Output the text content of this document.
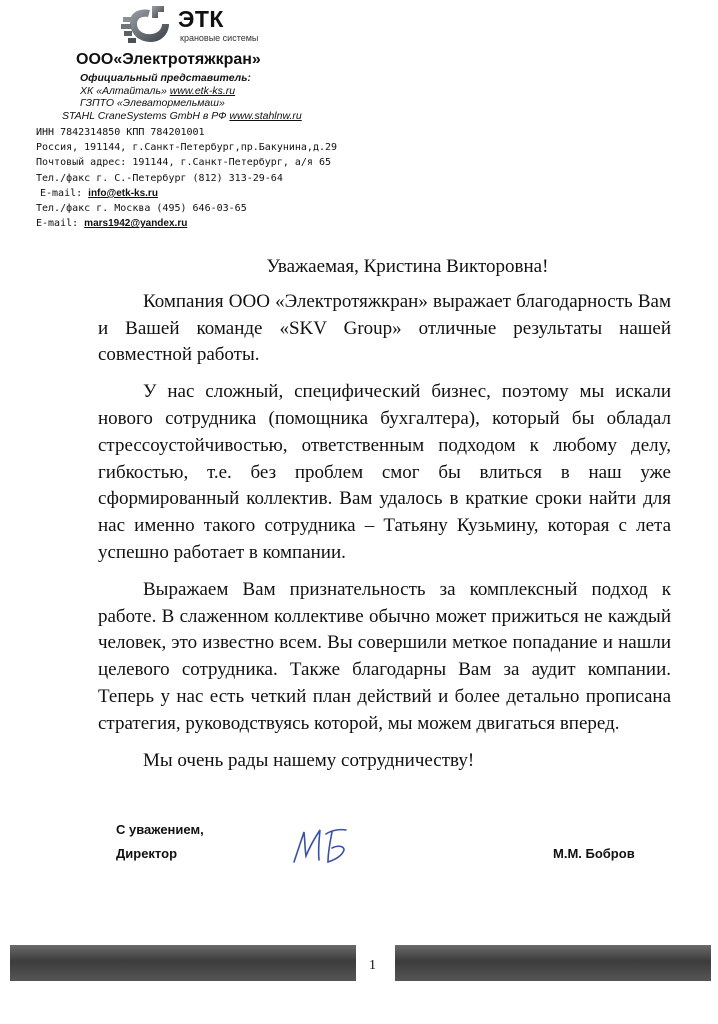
ЭТК
крановые системы
ООО«Электротяжкран»
Официальный представитель:
ХК «Алтайталь» www.etk-ks.ru
ГЗПТО «Элеватормельмаш»
STAHL CraneSystems GmbH в РФ www.stahlnw.ru
ИНН 7842314850 КПП 784201001
Россия, 191144, г.Санкт-Петербург,пр.Бакунина,д.29
Почтовый адрес: 191144, г.Санкт-Петербург, а/я 65
Тел./факс г. С.-Петербург (812) 313-29-64
E-mail: info@etk-ks.ru
Тел./факс г. Москва (495) 646-03-65
E-mail: mars1942@yandex.ru
Уважаемая, Кристина Викторовна!

Компания ООО «Электротяжкран» выражает благодарность Вам и Вашей команде «SKV Group» отличные результаты нашей совместной работы.

У нас сложный, специфический бизнес, поэтому мы искали нового сотрудника (помощника бухгалтера), который бы обладал стрессоустойчивостью, ответственным подходом к любому делу, гибкостью, т.е. без проблем смог бы влиться в наш уже сформированный коллектив. Вам удалось в краткие сроки найти для нас именно такого сотрудника – Татьяну Кузьмину, которая с лета успешно работает в компании.

Выражаем Вам признательность за комплексный подход к работе. В слаженном коллективе обычно может прижиться не каждый человек, это известно всем. Вы совершили меткое попадание и нашли целевого сотрудника. Также благодарны Вам за аудит компании. Теперь у нас есть четкий план действий и более детально прописана стратегия, руководствуясь которой, мы можем двигаться вперед.

Мы очень рады нашему сотрудничеству!

С уважением,
Директор	М.М. Бобров
1
